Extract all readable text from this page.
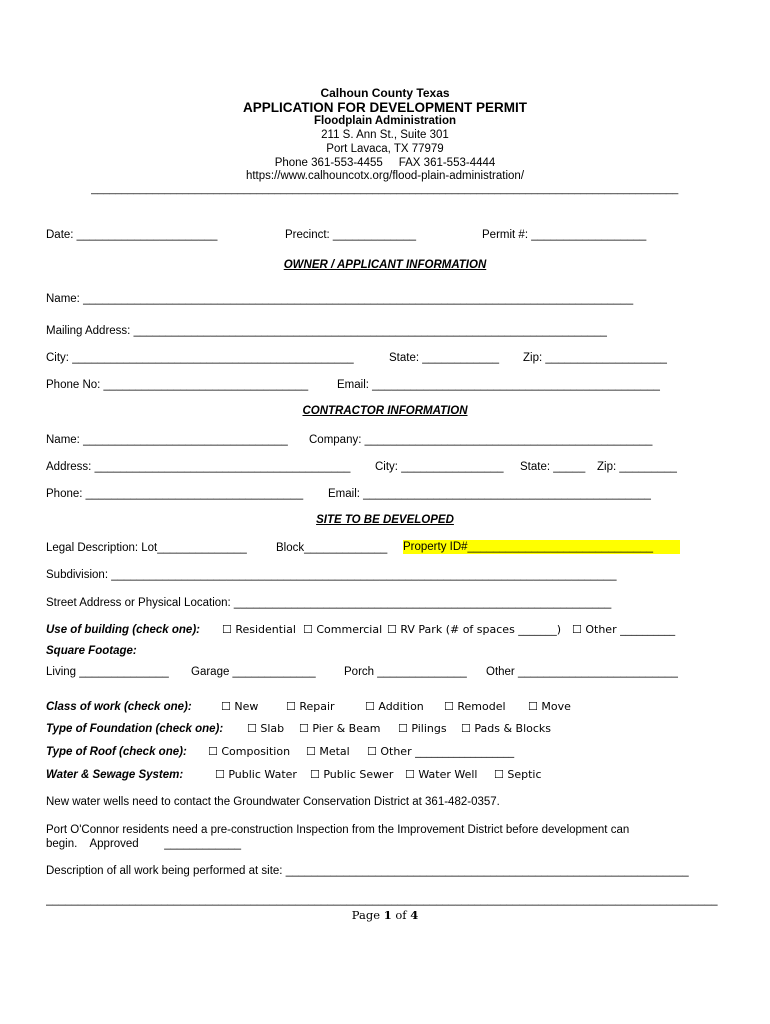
Calhoun County Texas
APPLICATION FOR DEVELOPMENT PERMIT
Floodplain Administration
211 S. Ann St., Suite 301
Port Lavaca, TX 77979
Phone 361-553-4455     FAX 361-553-4444
https://www.calhouncotx.org/flood-plain-administration/
________________________________________________________________________________________________
Date: ______________________	Precinct: _____________	Permit #: __________________
OWNER / APPLICANT INFORMATION
Name: ______________________________________________________________________________________
Mailing Address: __________________________________________________________________________
City: ____________________________________________	State: ____________ Zip: ___________________
Phone No: ________________________________	Email: _____________________________________________
CONTRACTOR INFORMATION
Name: ________________________________	Company: _____________________________________________
Address: ________________________________________	City: ________________ State: _____ Zip: _________
Phone: __________________________________	Email: _____________________________________________
SITE TO BE DEVELOPED
Legal Description: Lot______________	Block_____________ Property ID#_____________________________
Subdivision: _______________________________________________________________________________
Street Address or Physical Location: ___________________________________________________________
Use of building (check one): ☐ Residential ☐ Commercial ☐ RV Park (# of spaces _______) ☐ Other __________
Square Footage:
Living ______________ Garage _____________ Porch ______________ Other _________________________
Class of work (check one):	☐ New	☐ Repair	☐ Addition ☐ Remodel ☐ Move
Type of Foundation (check one): ☐ Slab ☐ Pier & Beam ☐ Pilings ☐ Pads & Blocks
Type of Roof (check one): ☐ Composition ☐ Metal ☐ Other __________________
Water & Sewage System:	☐ Public Water ☐ Public Sewer ☐ Water Well ☐ Septic
New water wells need to contact the Groundwater Conservation District at 361-482-0357.
Port O'Connor residents need a pre-construction Inspection from the Improvement District before development can
begin.    Approved        ____________
Description of all work being performed at site: _______________________________________________________________
_________________________________________________________________________________________________________
Page 1 of 4
